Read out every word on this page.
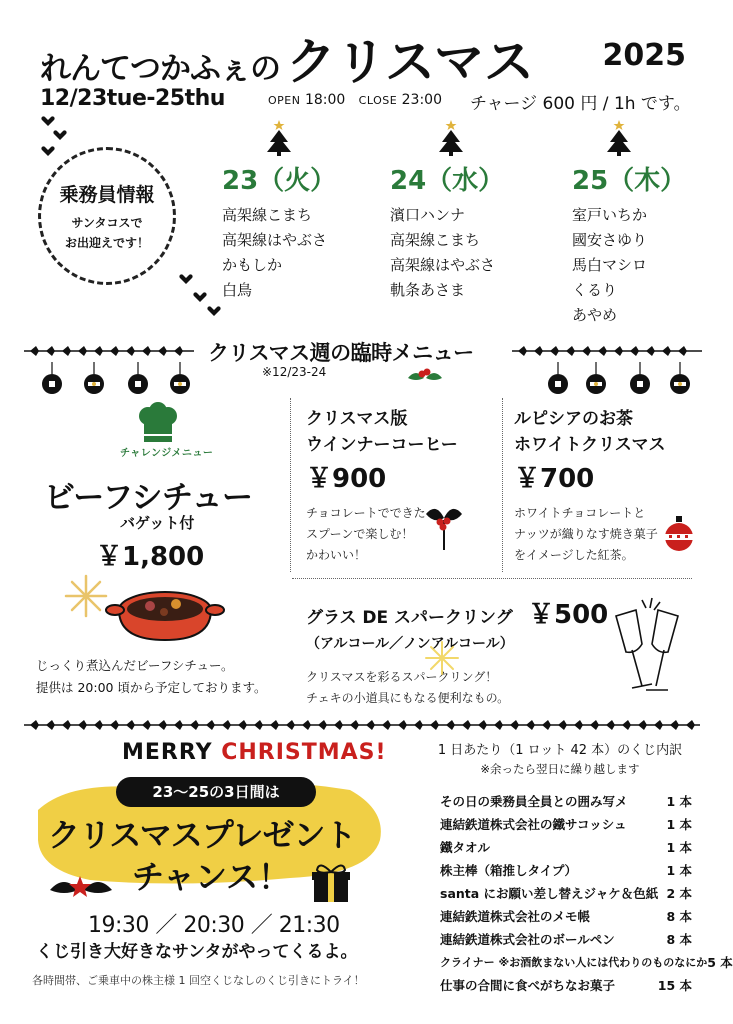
れんてつかふぇの クリスマス 2025
12/23tue-25thu	OPEN 18:00 CLOSE 23:00 チャージ 600 円 / 1h です。
乗務員情報
サンタコスで
お出迎えです！
23（火）
高架線こまち
高架線はやぶさ
かもしか
白鳥
24（水）
濱口ハンナ
高架線こまち
高架線はやぶさ
軌条あさま
25（木）
室戸いちか
國安さゆり
馬白マシロ
くるり
あやめ
クリスマス週の臨時メニュー
※12/23-24
チャレンジメニュー
ビーフシチュー
バゲット付
￥1,800
じっくり煮込んだビーフシチュー。
提供は 20:00 頃から予定しております。
クリスマス版
ウインナーコーヒー
￥900
チョコレートでできた
スプーンで楽しむ！
かわいい！
ルピシアのお茶
ホワイトクリスマス
￥700
ホワイトチョコレートと
ナッツが織りなす焼き菓子
をイメージした紅茶。
グラス DE スパークリング ￥500
（アルコール／ノンアルコール）
クリスマスを彩るスパークリング！
チェキの小道具にもなる便利なもの。
MERRY CHRISTMAS!
23～25の3日間は
クリスマスプレゼント
チャンス！
19:30 ／ 20:30 ／ 21:30
くじ引き大好きなサンタがやってくるよ。
各時間帯、ご乗車中の株主様 1 回空くじなしのくじ引きにトライ！
1 日あたり（1 ロット 42 本）のくじ内訳
※余ったら翌日に繰り越します
その日の乗務員全員との囲み写メ	1 本
連結鉄道株式会社の鐵サコッシュ	1 本
鐵タオル	1 本
株主棒（箱推しタイプ）	1 本
santa にお願い差し替えジャケ＆色紙 2 本
連結鉄道株式会社のメモ帳	8 本
連結鉄道株式会社のボールペン	8 本
クライナー ※お酒飲まない人には代わりのものなにか 5 本
仕事の合間に食べがちなお菓子	15 本
